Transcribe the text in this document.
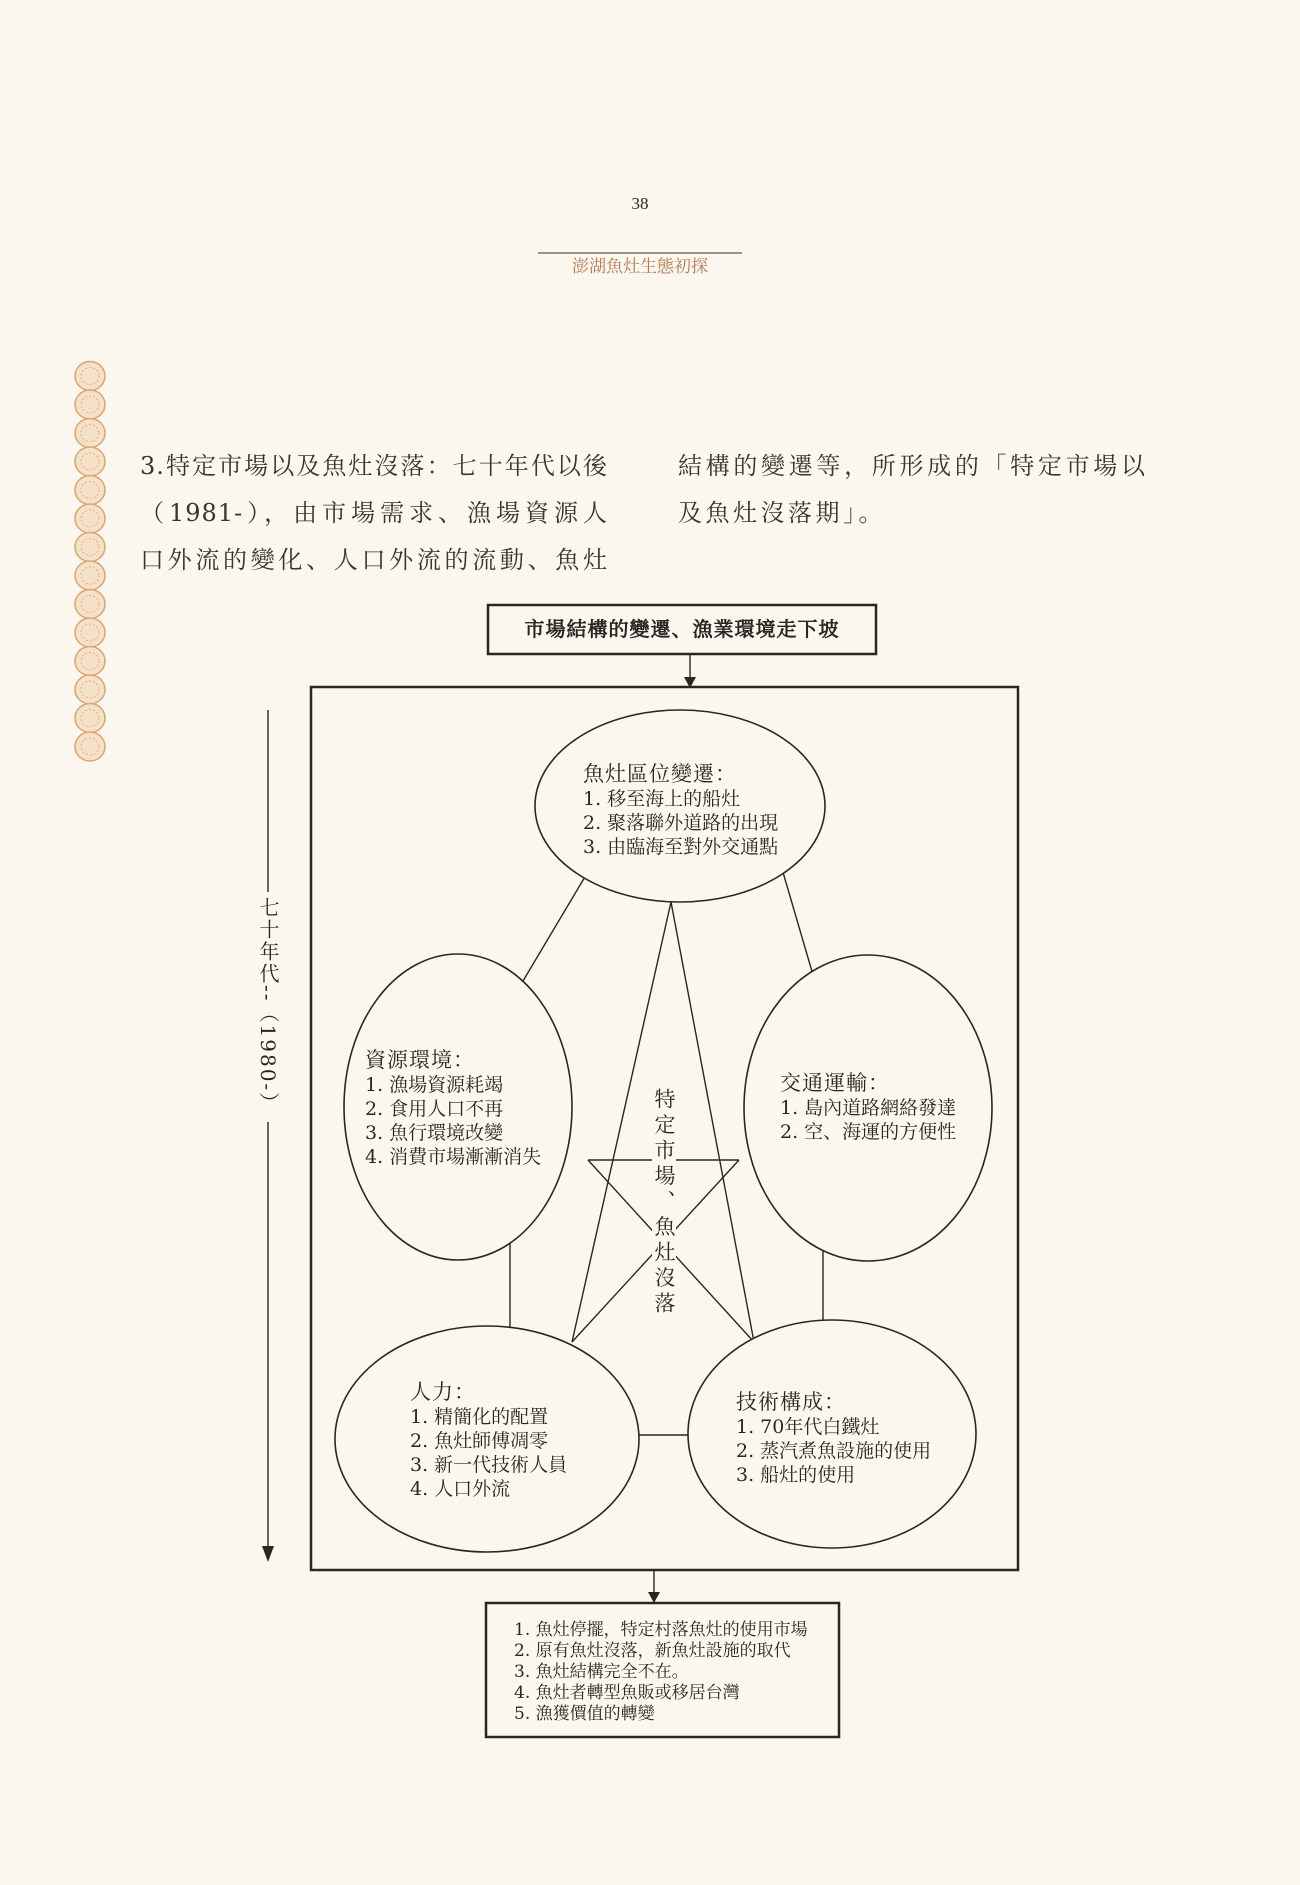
38
澎湖魚灶生態初探
3.特定市場以及魚灶沒落：七十年代以後
（1981-），由市場需求、漁場資源人
口外流的變化、人口外流的流動、魚灶
結構的變遷等，所形成的「特定市場以
及魚灶沒落期」。
市場結構的變遷、漁業環境走下坡
七十年代--（1980-）
魚灶區位變遷：
1. 移至海上的船灶
2. 聚落聯外道路的出現
3. 由臨海至對外交通點
資源環境：
1. 漁場資源耗竭
2. 食用人口不再
3. 魚行環境改變
4. 消費市場漸漸消失
交通運輸：
1. 島內道路網絡發達
2. 空、海運的方便性
人力：
1. 精簡化的配置
2. 魚灶師傅凋零
3. 新一代技術人員
4. 人口外流
技術構成：
1. 70年代白鐵灶
2. 蒸汽煮魚設施的使用
3. 船灶的使用
特定市場、魚灶沒落
1. 魚灶停擺，特定村落魚灶的使用市場
2. 原有魚灶沒落，新魚灶設施的取代
3. 魚灶結構完全不在。
4. 魚灶者轉型魚販或移居台灣
5. 漁獲價值的轉變
